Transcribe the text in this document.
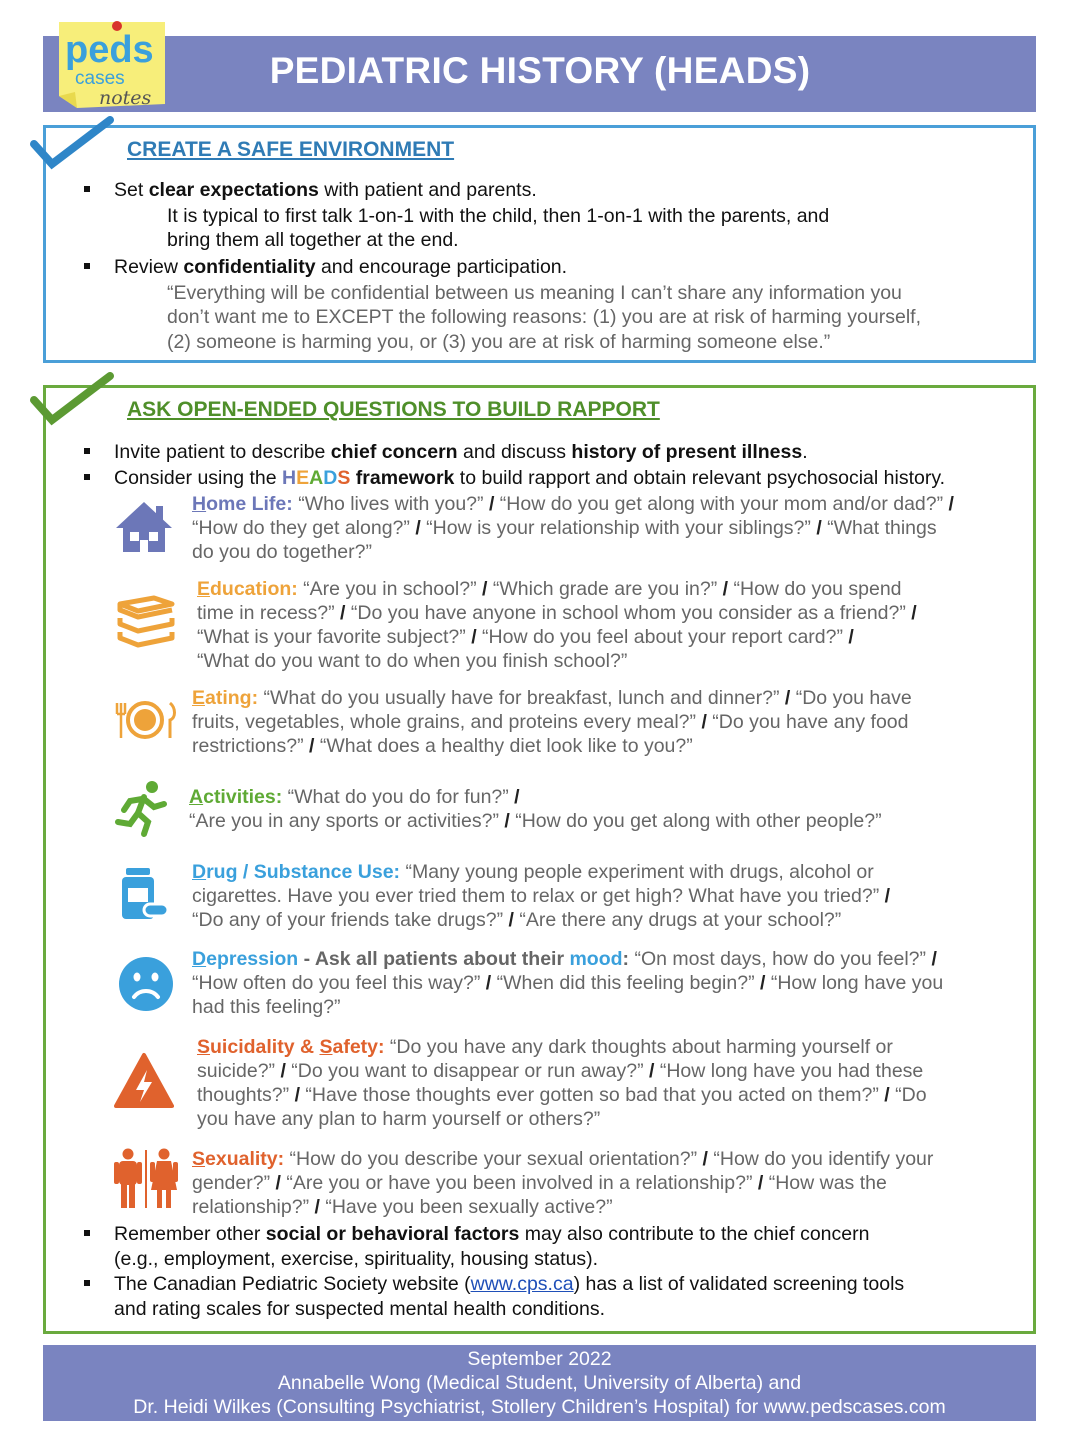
PEDIATRIC HISTORY (HEADS)
peds
cases
notes
CREATE A SAFE ENVIRONMENT
Set clear expectations with patient and parents.
It is typical to first talk 1-on-1 with the child, then 1-on-1 with the parents, and
bring them all together at the end.
Review confidentiality and encourage participation.
“Everything will be confidential between us meaning I can’t share any information you
don’t want me to EXCEPT the following reasons: (1) you are at risk of harming yourself,
(2) someone is harming you, or (3) you are at risk of harming someone else.”
ASK OPEN-ENDED QUESTIONS TO BUILD RAPPORT
Invite patient to describe chief concern and discuss history of present illness.
Consider using the HEADS framework to build rapport and obtain relevant psychosocial history.
Home Life: “Who lives with you?” / “How do you get along with your mom and/or dad?” /
“How do they get along?” / “How is your relationship with your siblings?” / “What things
do you do together?”
Education: “Are you in school?” / “Which grade are you in?” / “How do you spend
time in recess?” / “Do you have anyone in school whom you consider as a friend?” /
“What is your favorite subject?” / “How do you feel about your report card?” /
“What do you want to do when you finish school?”
Eating: “What do you usually have for breakfast, lunch and dinner?” / “Do you have
fruits, vegetables, whole grains, and proteins every meal?” / “Do you have any food
restrictions?” / “What does a healthy diet look like to you?”
Activities: “What do you do for fun?” /
“Are you in any sports or activities?” / “How do you get along with other people?”
Drug / Substance Use: “Many young people experiment with drugs, alcohol or
cigarettes. Have you ever tried them to relax or get high? What have you tried?” /
“Do any of your friends take drugs?” / “Are there any drugs at your school?”
Depression - Ask all patients about their mood: “On most days, how do you feel?” /
“How often do you feel this way?” / “When did this feeling begin?” / “How long have you
had this feeling?”
Suicidality & Safety: “Do you have any dark thoughts about harming yourself or
suicide?” / “Do you want to disappear or run away?” / “How long have you had these
thoughts?” / “Have those thoughts ever gotten so bad that you acted on them?” / “Do
you have any plan to harm yourself or others?”
Sexuality: “How do you describe your sexual orientation?” / “How do you identify your
gender?” / “Are you or have you been involved in a relationship?” / “How was the
relationship?” / “Have you been sexually active?”
Remember other social or behavioral factors may also contribute to the chief concern
(e.g., employment, exercise, spirituality, housing status).
The Canadian Pediatric Society website (www.cps.ca) has a list of validated screening tools
and rating scales for suspected mental health conditions.
September 2022
Annabelle Wong (Medical Student, University of Alberta) and
Dr. Heidi Wilkes (Consulting Psychiatrist, Stollery Children’s Hospital) for www.pedscases.com
